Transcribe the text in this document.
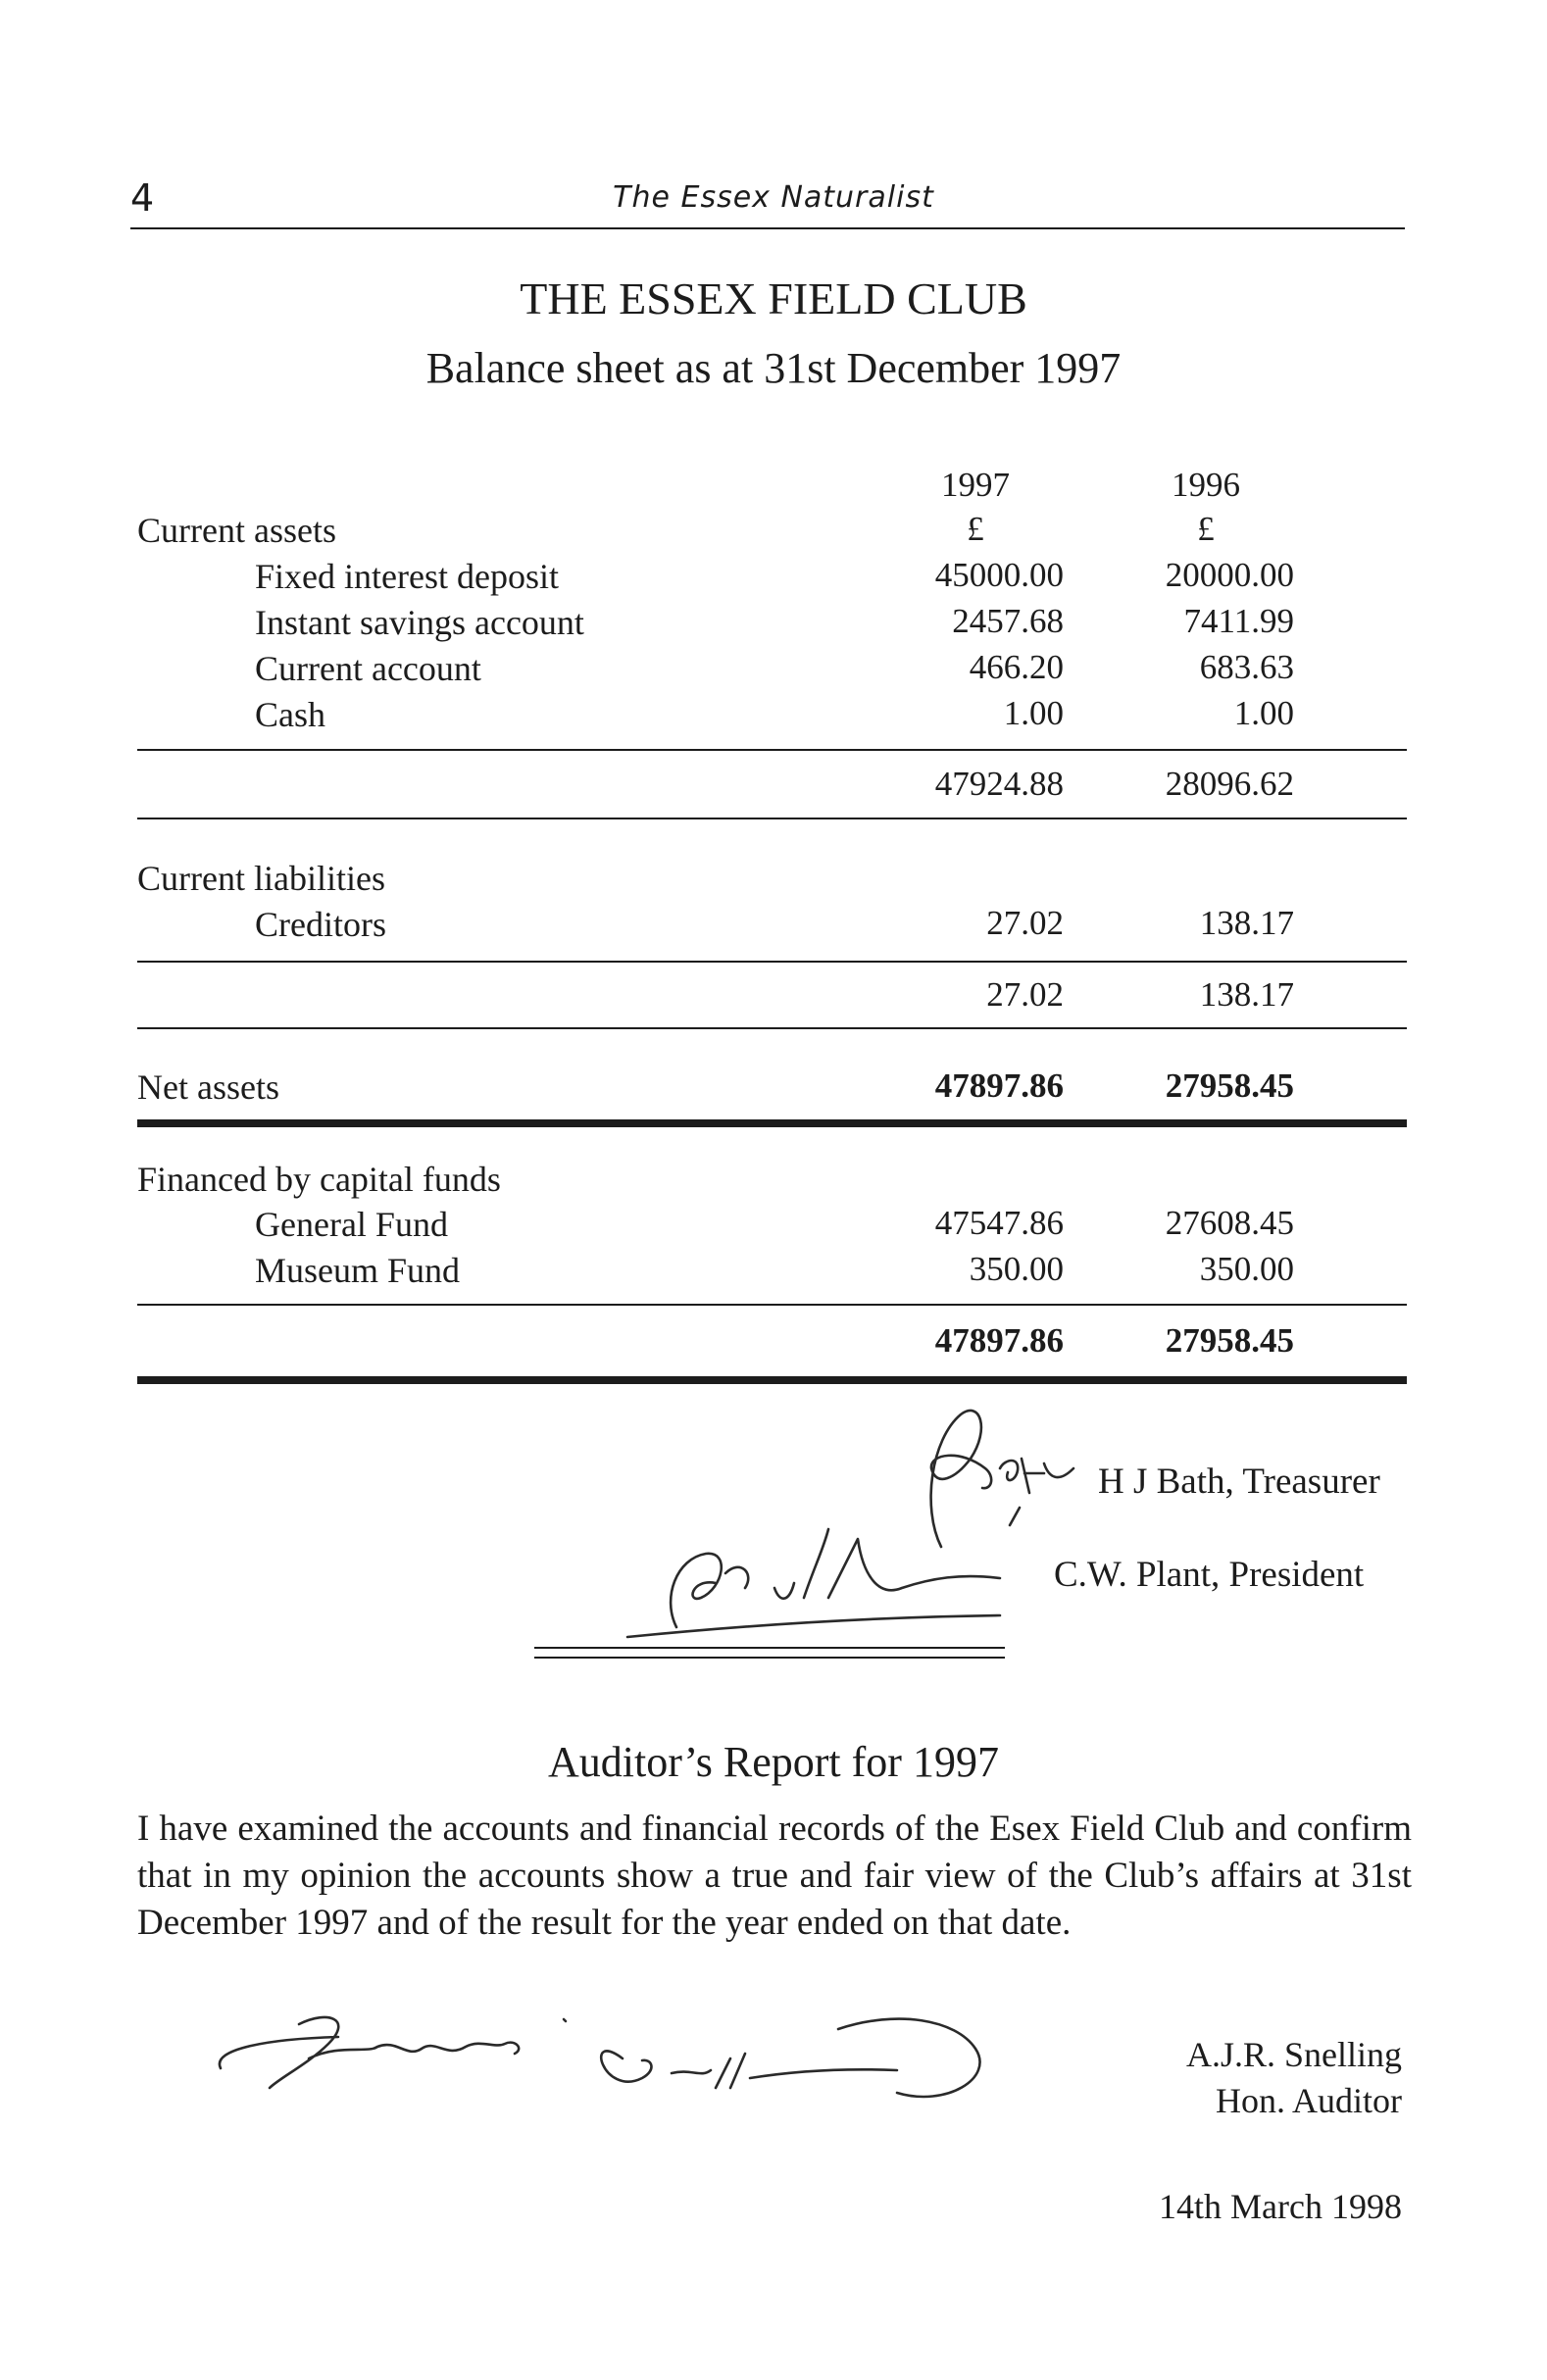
4	The Essex Naturalist
THE ESSEX FIELD CLUB
Balance sheet as at 31st December 1997
1997	1996
£	£
Current assets
Fixed interest deposit	45000.00	20000.00
Instant savings account	2457.68	7411.99
Current account	466.20	683.63
Cash	1.00	1.00
47924.88	28096.62
Current liabilities
Creditors	27.02	138.17
27.02	138.17
Net assets	47897.86	27958.45
Financed by capital funds
General Fund	47547.86	27608.45
Museum Fund	350.00	350.00
47897.86	27958.45
H J Bath, Treasurer
C.W. Plant, President
Auditor’s Report for 1997
I have examined the accounts and financial records of the Esex Field Club and confirm that in my opinion the accounts show a true and fair view of the Club’s affairs at 31st December 1997 and of the result for the year ended on that date.
A.J.R. Snelling
Hon. Auditor
14th March 1998
